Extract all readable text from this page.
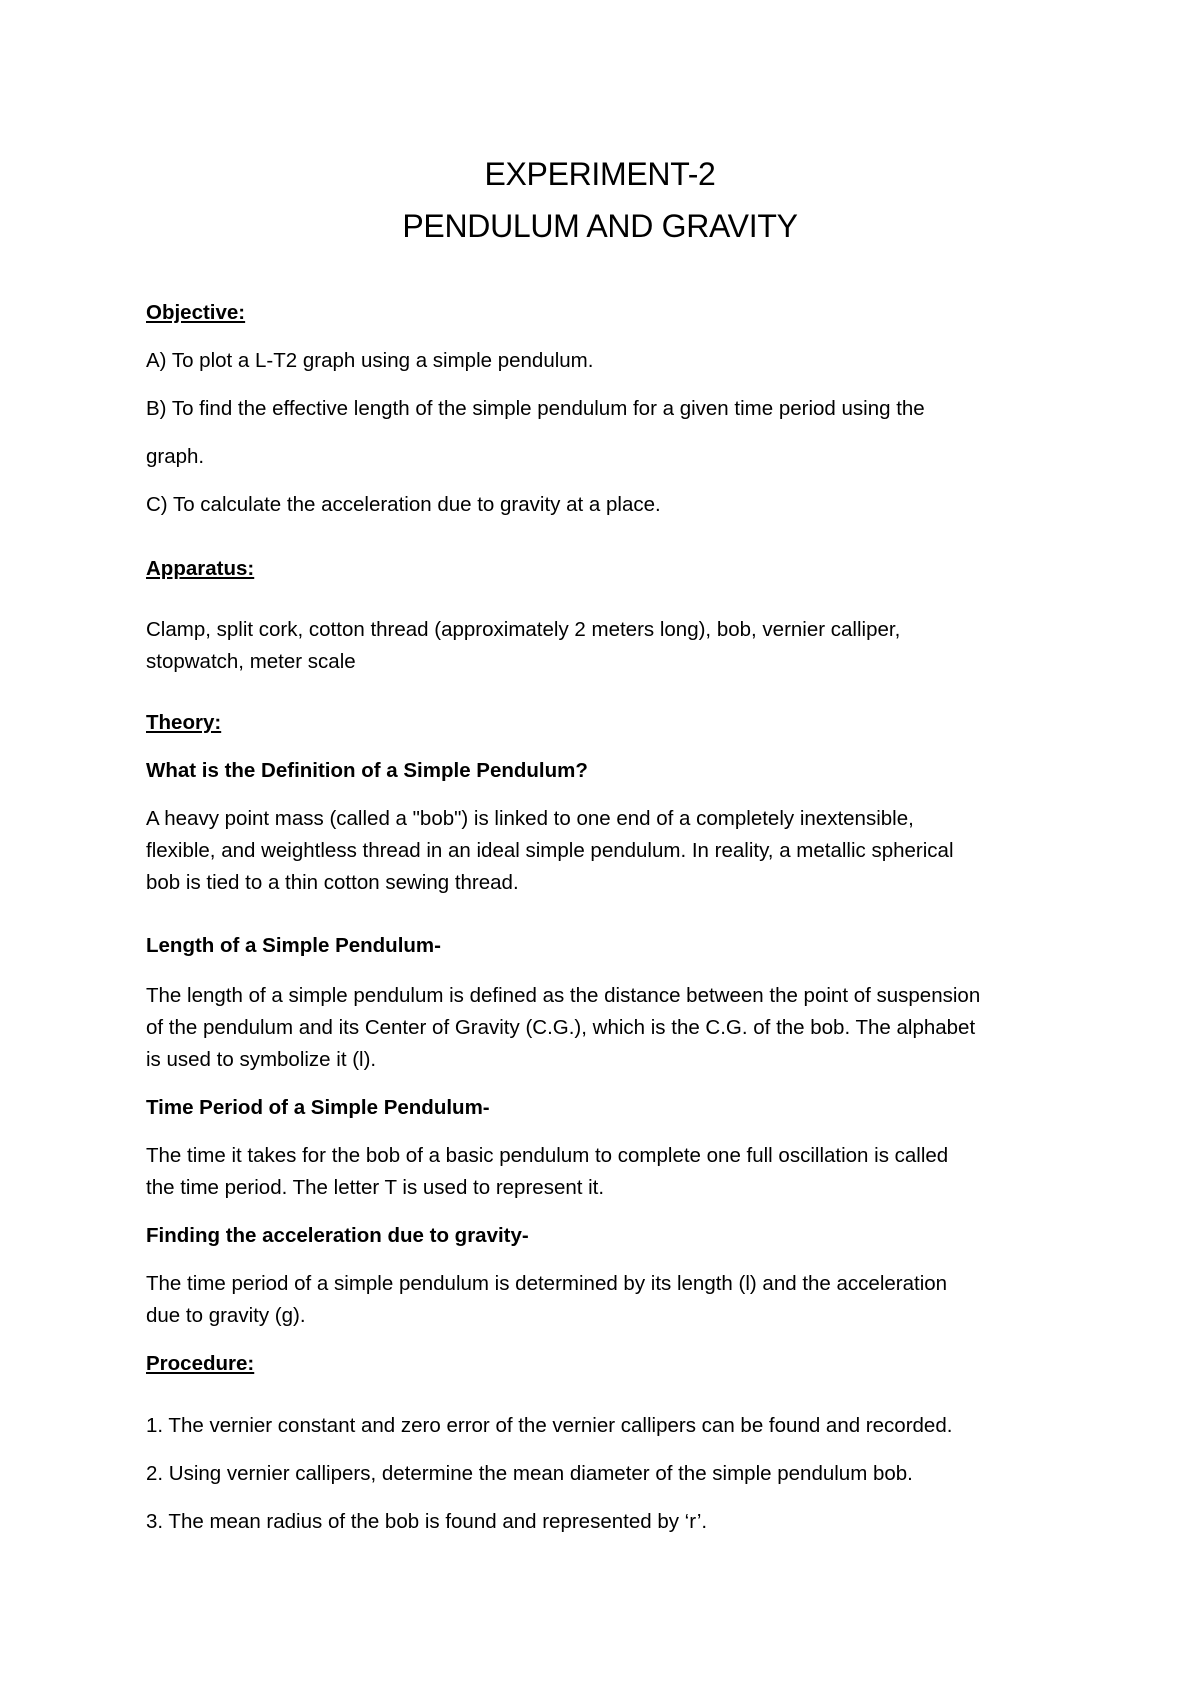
EXPERIMENT-2
PENDULUM AND GRAVITY
Objective:
A) To plot a L-T2 graph using a simple pendulum.
B) To find the effective length of the simple pendulum for a given time period using the
graph.
C) To calculate the acceleration due to gravity at a place.
Apparatus:
Clamp, split cork, cotton thread (approximately 2 meters long), bob, vernier calliper,
stopwatch, meter scale
Theory:
What is the Definition of a Simple Pendulum?
A heavy point mass (called a "bob") is linked to one end of a completely inextensible,
flexible, and weightless thread in an ideal simple pendulum. In reality, a metallic spherical
bob is tied to a thin cotton sewing thread.
Length of a Simple Pendulum-
The length of a simple pendulum is defined as the distance between the point of suspension
of the pendulum and its Center of Gravity (C.G.), which is the C.G. of the bob. The alphabet
is used to symbolize it (l).
Time Period of a Simple Pendulum-
The time it takes for the bob of a basic pendulum to complete one full oscillation is called
the time period. The letter T is used to represent it.
Finding the acceleration due to gravity-
The time period of a simple pendulum is determined by its length (l) and the acceleration
due to gravity (g).
Procedure:
1. The vernier constant and zero error of the vernier callipers can be found and recorded.
2. Using vernier callipers, determine the mean diameter of the simple pendulum bob.
3. The mean radius of the bob is found and represented by ‘r’.
